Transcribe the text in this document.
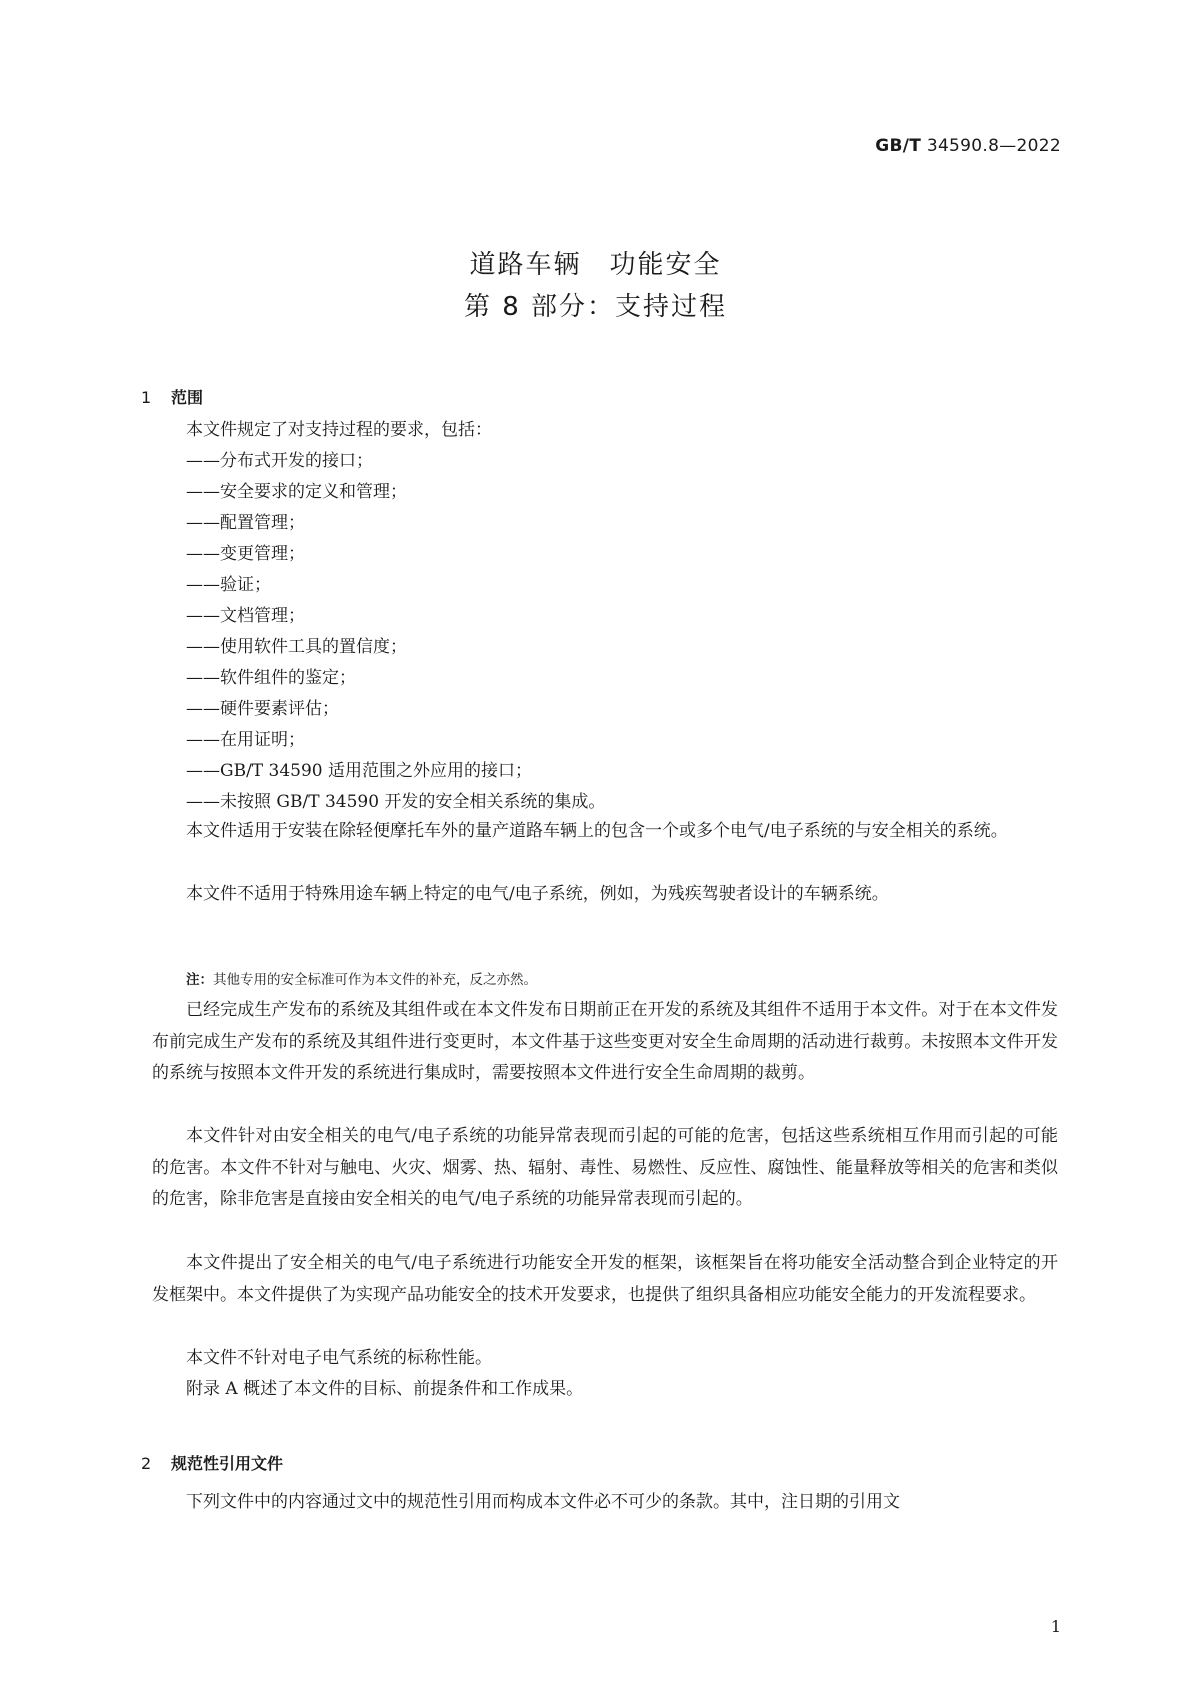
GB/T 34590.8—2022
道路车辆　功能安全
第 8 部分：支持过程
1 范围
本文件规定了对支持过程的要求，包括：
——分布式开发的接口；
——安全要求的定义和管理；
——配置管理；
——变更管理；
——验证；
——文档管理；
——使用软件工具的置信度；
——软件组件的鉴定；
——硬件要素评估；
——在用证明；
——GB/T 34590 适用范围之外应用的接口；
——未按照 GB/T 34590 开发的安全相关系统的集成。
本文件适用于安装在除轻便摩托车外的量产道路车辆上的包含一个或多个电气/电子系统的与安全相关的系统。
本文件不适用于特殊用途车辆上特定的电气/电子系统，例如，为残疾驾驶者设计的车辆系统。
注：其他专用的安全标准可作为本文件的补充，反之亦然。
已经完成生产发布的系统及其组件或在本文件发布日期前正在开发的系统及其组件不适用于本文件。对于在本文件发布前完成生产发布的系统及其组件进行变更时，本文件基于这些变更对安全生命周期的活动进行裁剪。未按照本文件开发的系统与按照本文件开发的系统进行集成时，需要按照本文件进行安全生命周期的裁剪。
本文件针对由安全相关的电气/电子系统的功能异常表现而引起的可能的危害，包括这些系统相互作用而引起的可能的危害。本文件不针对与触电、火灾、烟雾、热、辐射、毒性、易燃性、反应性、腐蚀性、能量释放等相关的危害和类似的危害，除非危害是直接由安全相关的电气/电子系统的功能异常表现而引起的。
本文件提出了安全相关的电气/电子系统进行功能安全开发的框架，该框架旨在将功能安全活动整合到企业特定的开发框架中。本文件提供了为实现产品功能安全的技术开发要求，也提供了组织具备相应功能安全能力的开发流程要求。
本文件不针对电子电气系统的标称性能。
附录 A 概述了本文件的目标、前提条件和工作成果。
2 规范性引用文件
下列文件中的内容通过文中的规范性引用而构成本文件必不可少的条款。其中，注日期的引用文
1
